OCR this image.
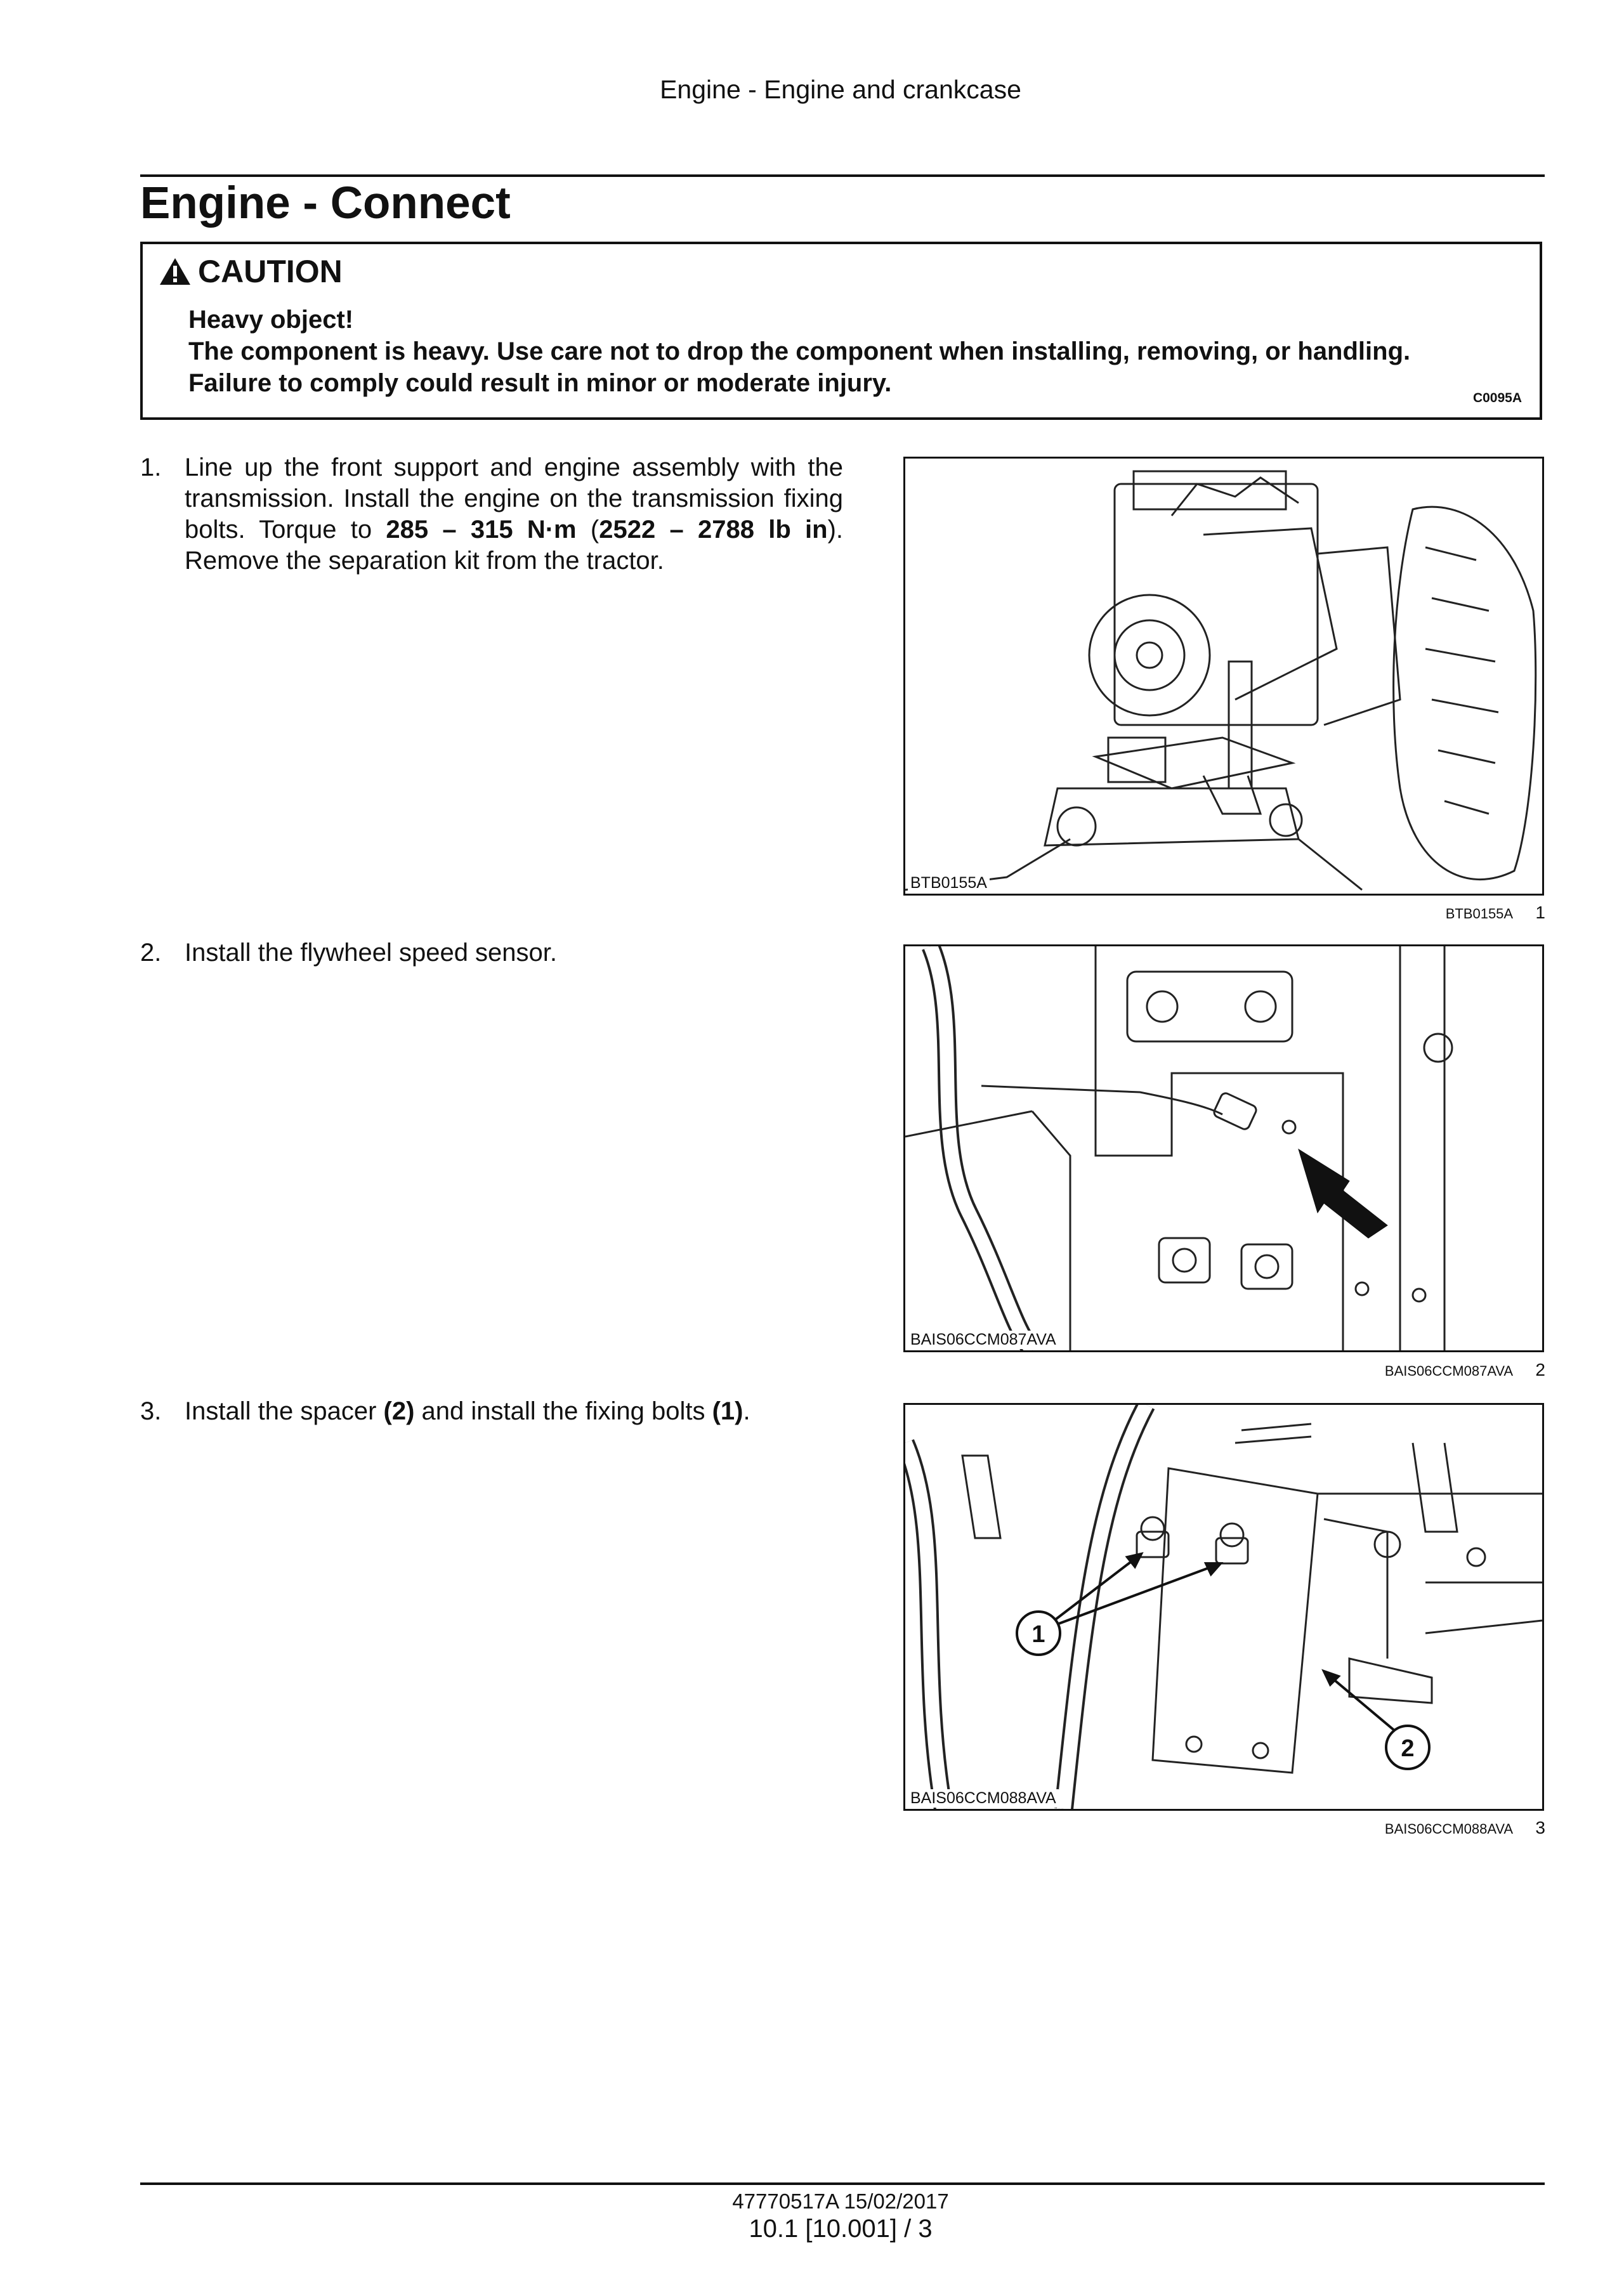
Engine - Engine and crankcase
Engine - Connect
CAUTION
Heavy object!
The component is heavy. Use care not to drop the component when installing, removing, or handling.
Failure to comply could result in minor or moderate injury.
C0095A
1. Line up the front support and engine assembly with the transmission. Install the engine on the transmission fixing bolts. Torque to 285 – 315 N·m (2522 – 2788 lb in). Remove the separation kit from the tractor.
BTB0155A
BTB0155A 1
2. Install the flywheel speed sensor.
BAIS06CCM087AVA
BAIS06CCM087AVA 2
3. Install the spacer (2) and install the fixing bolts (1).
1
2
BAIS06CCM088AVA
BAIS06CCM088AVA 3
47770517A 15/02/2017
10.1 [10.001] / 3
